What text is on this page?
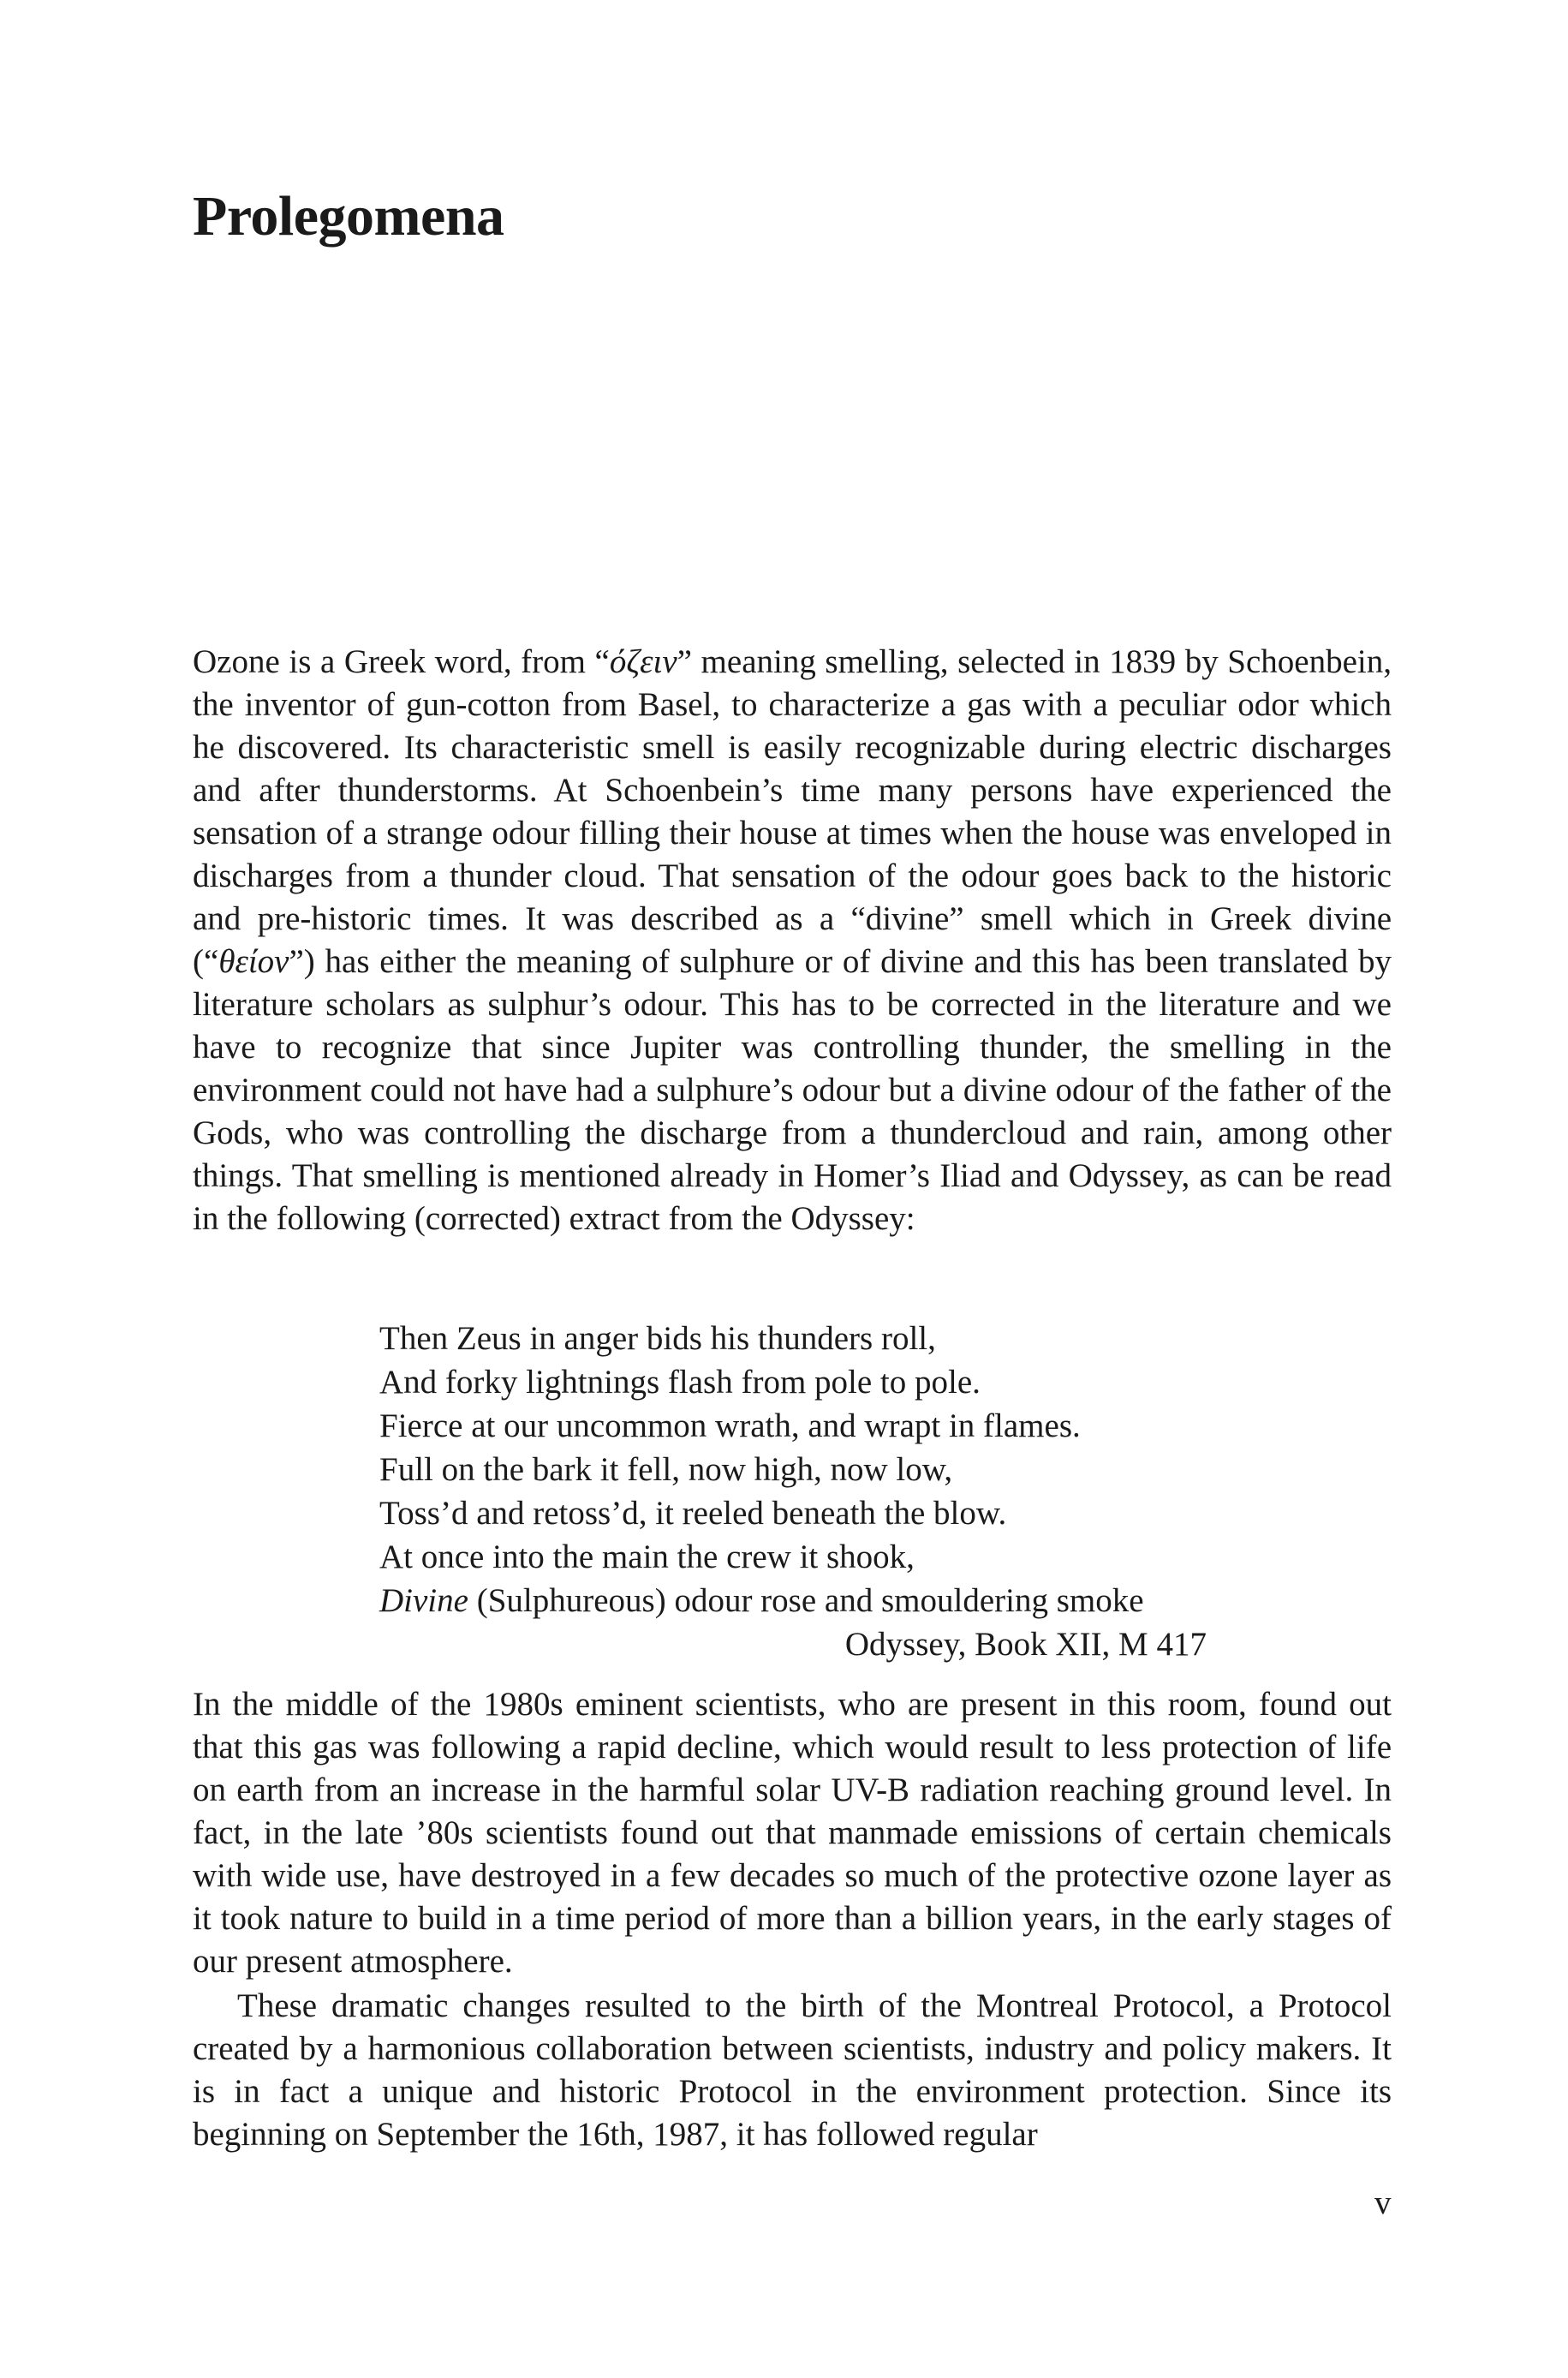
Prolegomena

Ozone is a Greek word, from “όζειν” meaning smelling, selected in 1839 by Schoenbein, the inventor of gun-cotton from Basel, to characterize a gas with a peculiar odor which he discovered. Its characteristic smell is easily recognizable during electric discharges and after thunderstorms. At Schoenbein’s time many persons have experienced the sensation of a strange odour filling their house at times when the house was enveloped in discharges from a thunder cloud. That sensation of the odour goes back to the historic and pre-historic times. It was described as a “divine” smell which in Greek divine (“θείον”) has either the meaning of sulphure or of divine and this has been translated by literature scholars as sulphur’s odour. This has to be corrected in the literature and we have to recognize that since Jupiter was controlling thunder, the smelling in the environment could not have had a sulphure’s odour but a divine odour of the father of the Gods, who was controlling the discharge from a thundercloud and rain, among other things. That smelling is mentioned already in Homer’s Iliad and Odyssey, as can be read in the following (corrected) extract from the Odyssey:

Then Zeus in anger bids his thunders roll,
And forky lightnings flash from pole to pole.
Fierce at our uncommon wrath, and wrapt in flames.
Full on the bark it fell, now high, now low,
Toss’d and retoss’d, it reeled beneath the blow.
At once into the main the crew it shook,
Divine (Sulphureous) odour rose and smouldering smoke
Odyssey, Book XII, M 417

In the middle of the 1980s eminent scientists, who are present in this room, found out that this gas was following a rapid decline, which would result to less protection of life on earth from an increase in the harmful solar UV-B radiation reaching ground level. In fact, in the late ’80s scientists found out that manmade emissions of certain chemicals with wide use, have destroyed in a few decades so much of the protective ozone layer as it took nature to build in a time period of more than a billion years, in the early stages of our present atmosphere.

These dramatic changes resulted to the birth of the Montreal Protocol, a Protocol created by a harmonious collaboration between scientists, industry and policy makers. It is in fact a unique and historic Protocol in the environment protection. Since its beginning on September the 16th, 1987, it has followed regular

v
